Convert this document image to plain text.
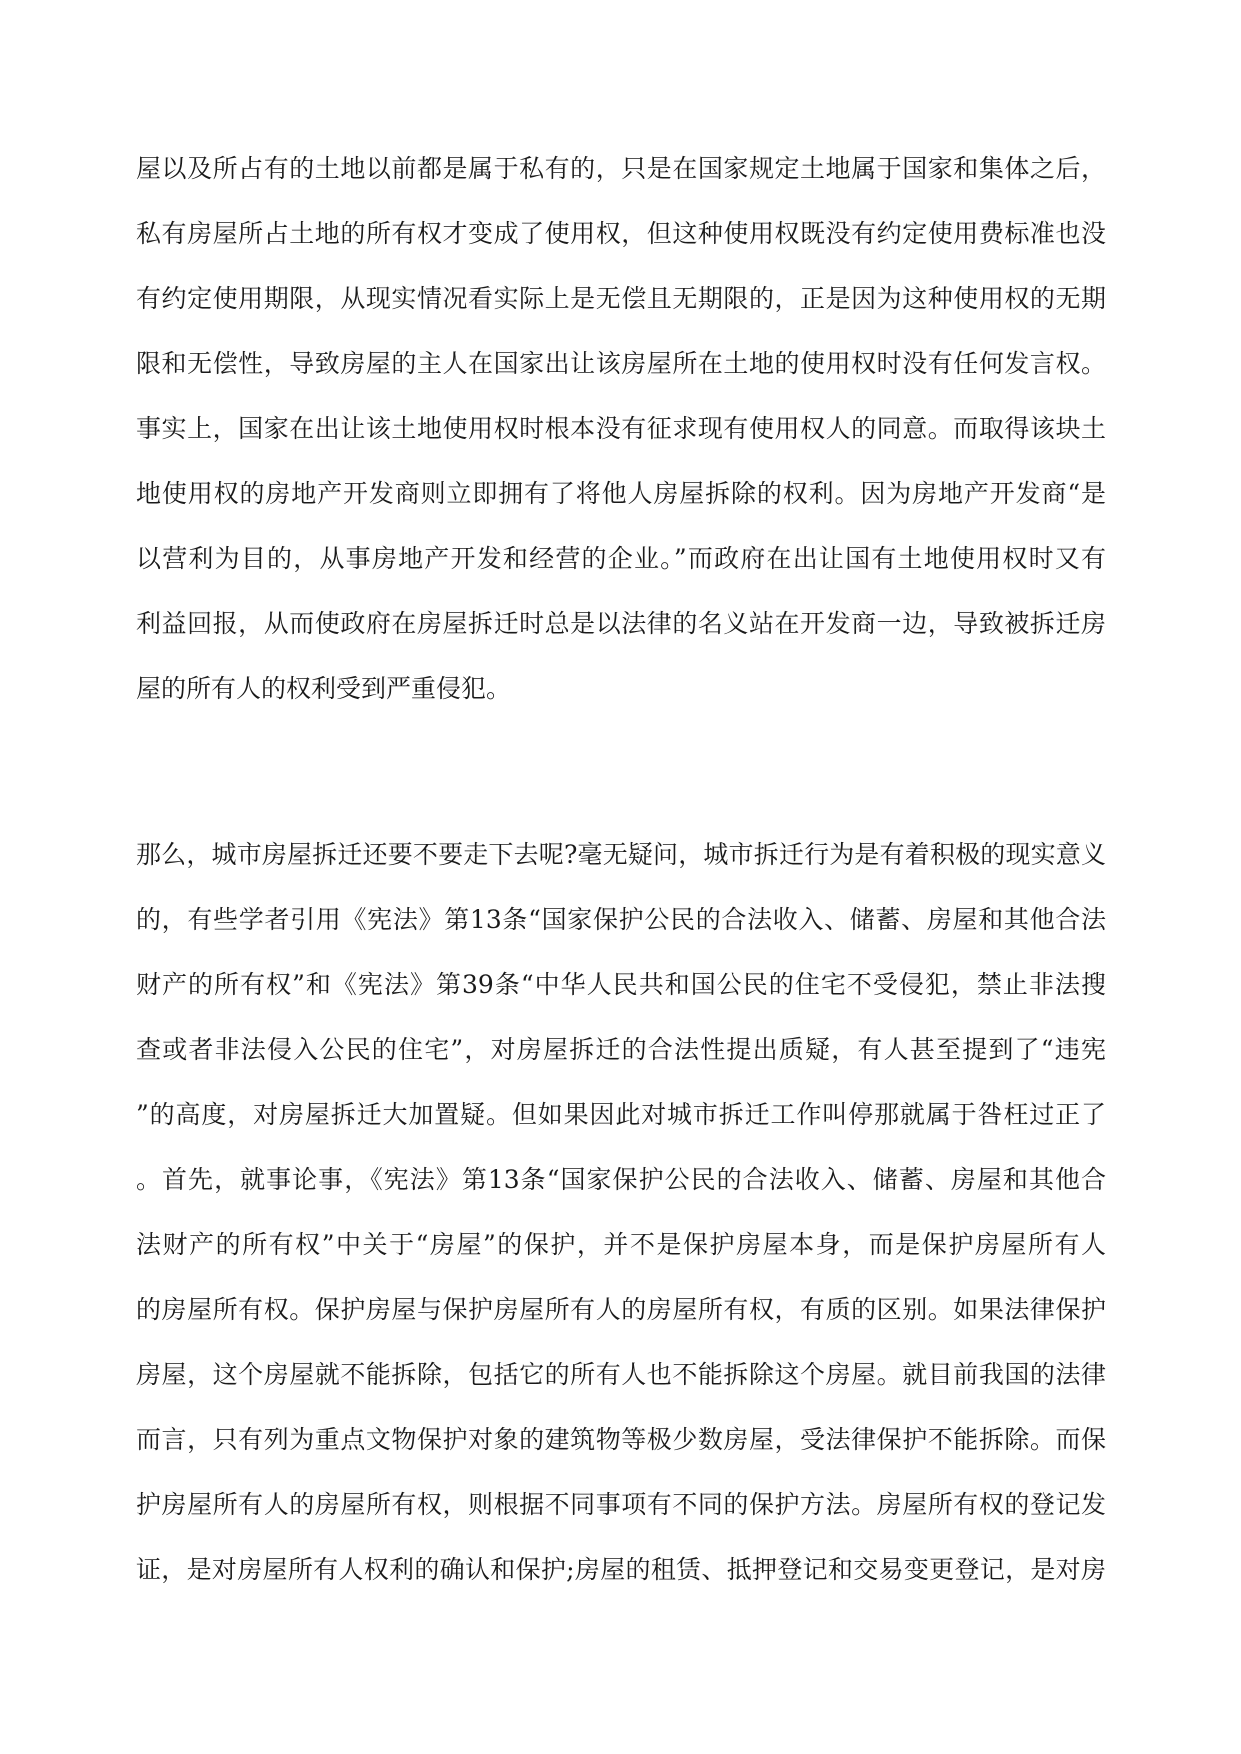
屋以及所占有的土地以前都是属于私有的，只是在国家规定土地属于国家和集体之后，
私有房屋所占土地的所有权才变成了使用权，但这种使用权既没有约定使用费标准也没
有约定使用期限，从现实情况看实际上是无偿且无期限的，正是因为这种使用权的无期
限和无偿性，导致房屋的主人在国家出让该房屋所在土地的使用权时没有任何发言权。
事实上，国家在出让该土地使用权时根本没有征求现有使用权人的同意。而取得该块土
地使用权的房地产开发商则立即拥有了将他人房屋拆除的权利。因为房地产开发商“是
以营利为目的，从事房地产开发和经营的企业。”而政府在出让国有土地使用权时又有
利益回报，从而使政府在房屋拆迁时总是以法律的名义站在开发商一边，导致被拆迁房
屋的所有人的权利受到严重侵犯。
那么，城市房屋拆迁还要不要走下去呢?毫无疑问，城市拆迁行为是有着积极的现实意义
的，有些学者引用《宪法》第13条“国家保护公民的合法收入、储蓄、房屋和其他合法
财产的所有权”和《宪法》第39条“中华人民共和国公民的住宅不受侵犯，禁止非法搜
查或者非法侵入公民的住宅”，对房屋拆迁的合法性提出质疑，有人甚至提到了“违宪
”的高度，对房屋拆迁大加置疑。但如果因此对城市拆迁工作叫停那就属于咎枉过正了
。首先，就事论事，《宪法》第13条“国家保护公民的合法收入、储蓄、房屋和其他合
法财产的所有权”中关于“房屋”的保护，并不是保护房屋本身，而是保护房屋所有人
的房屋所有权。保护房屋与保护房屋所有人的房屋所有权，有质的区别。如果法律保护
房屋，这个房屋就不能拆除，包括它的所有人也不能拆除这个房屋。就目前我国的法律
而言，只有列为重点文物保护对象的建筑物等极少数房屋，受法律保护不能拆除。而保
护房屋所有人的房屋所有权，则根据不同事项有不同的保护方法。房屋所有权的登记发
证，是对房屋所有人权利的确认和保护;房屋的租赁、抵押登记和交易变更登记，是对房
